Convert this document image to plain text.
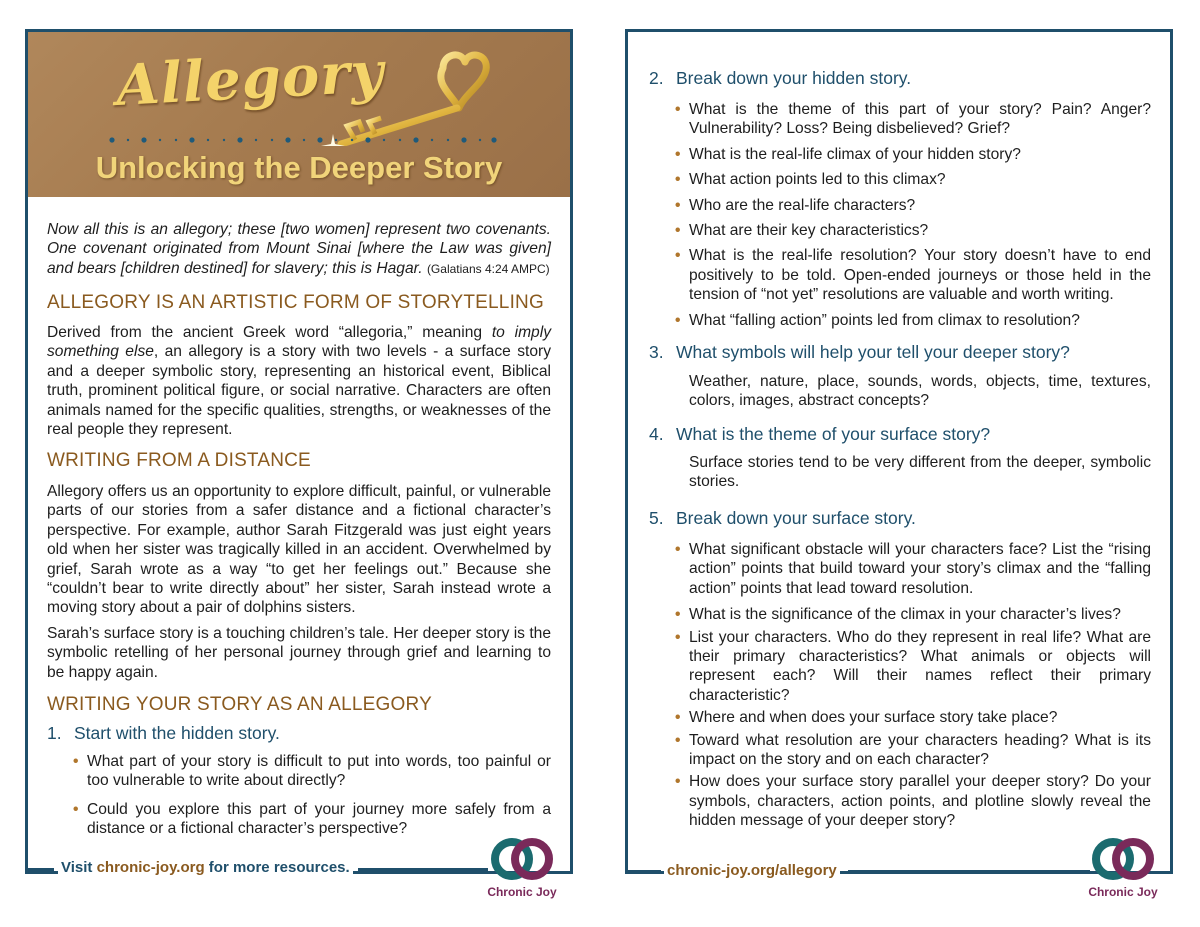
Allegory
Unlocking the Deeper Story

Now all this is an allegory; these [two women] represent two covenants. One covenant originated from Mount Sinai [where the Law was given] and bears [children destined] for slavery; this is Hagar. (Galatians 4:24 AMPC)

ALLEGORY IS AN ARTISTIC FORM OF STORYTELLING

Derived from the ancient Greek word “allegoria,” meaning to imply something else, an allegory is a story with two levels - a surface story and a deeper symbolic story, representing an historical event, Biblical truth, prominent political figure, or social narrative. Characters are often animals named for the specific qualities, strengths, or weaknesses of the real people they represent.

WRITING FROM A DISTANCE

Allegory offers us an opportunity to explore difficult, painful, or vulnerable parts of our stories from a safer distance and a fictional character’s perspective. For example, author Sarah Fitzgerald was just eight years old when her sister was tragically killed in an accident. Overwhelmed by grief, Sarah wrote as a way “to get her feelings out.” Because she “couldn’t bear to write directly about” her sister, Sarah instead wrote a moving story about a pair of dolphins sisters.

Sarah’s surface story is a touching children’s tale. Her deeper story is the symbolic retelling of her personal journey through grief and learning to be happy again.

WRITING YOUR STORY AS AN ALLEGORY
1. Start with the hidden story.
• What part of your story is difficult to put into words, too painful or too vulnerable to write about directly?
• Could you explore this part of your journey more safely from a distance or a fictional character’s perspective?
Visit chronic-joy.org for more resources.
Chronic Joy
2. Break down your hidden story.
• What is the theme of this part of your story? Pain? Anger? Vulnerability? Loss? Being disbelieved? Grief?
• What is the real-life climax of your hidden story?
• What action points led to this climax?
• Who are the real-life characters?
• What are their key characteristics?
• What is the real-life resolution? Your story doesn’t have to end positively to be told. Open-ended journeys or those held in the tension of “not yet” resolutions are valuable and worth writing.
• What “falling action” points led from climax to resolution?
3. What symbols will help your tell your deeper story?

Weather, nature, place, sounds, words, objects, time, textures, colors, images, abstract concepts?

4. What is the theme of your surface story?

Surface stories tend to be very different from the deeper, symbolic stories.

5. Break down your surface story.
• What significant obstacle will your characters face? List the “rising action” points that build toward your story’s climax and the “falling action” points that lead toward resolution.
• What is the significance of the climax in your character’s lives?
• List your characters. Who do they represent in real life? What are their primary characteristics? What animals or objects will represent each? Will their names reflect their primary characteristic?
• Where and when does your surface story take place?
• Toward what resolution are your characters heading? What is its impact on the story and on each character?
• How does your surface story parallel your deeper story? Do your symbols, characters, action points, and plotline slowly reveal the hidden message of your deeper story?
chronic-joy.org/allegory
Chronic Joy
